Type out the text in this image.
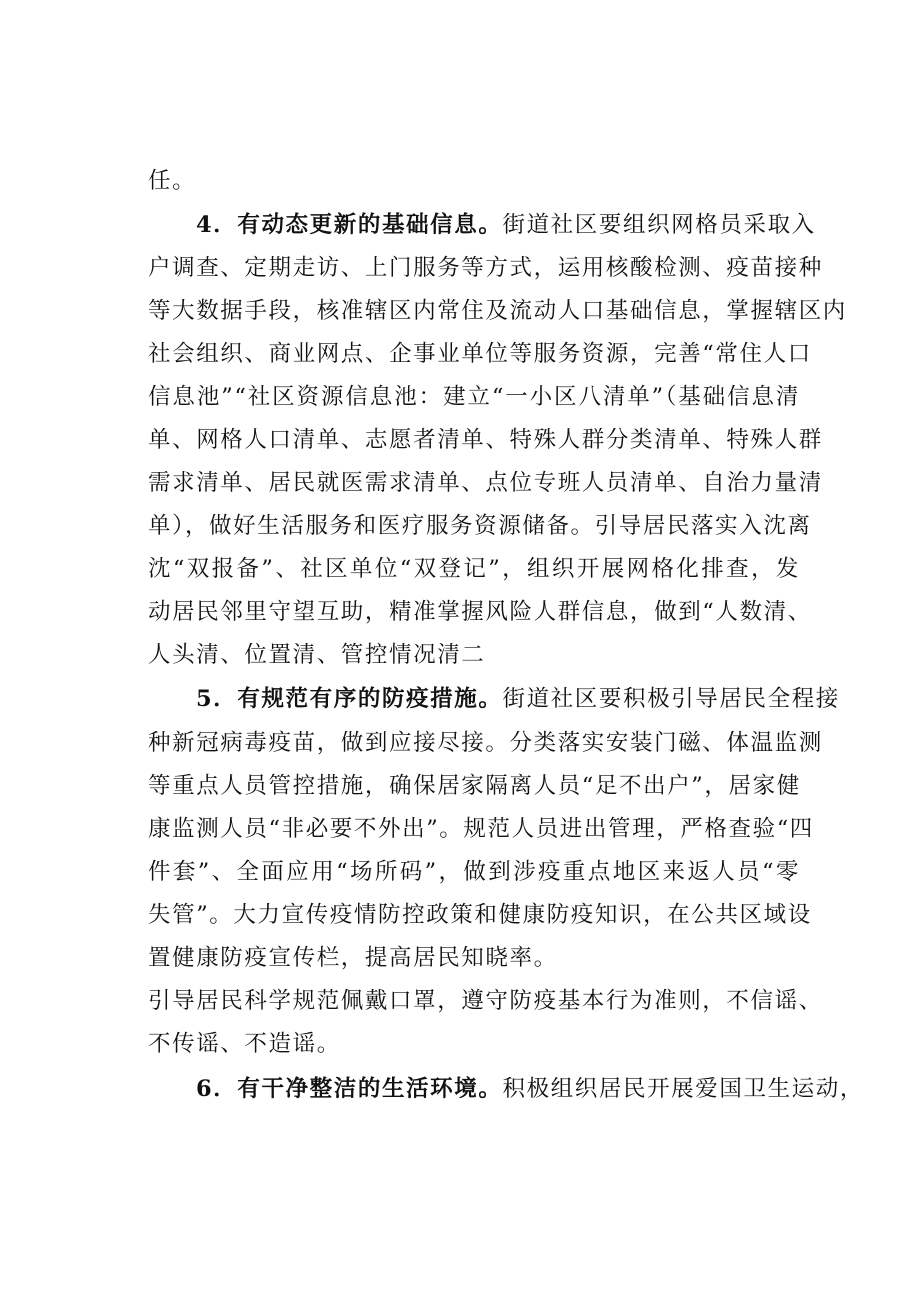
任。
4．有动态更新的基础信息。街道社区要组织网格员采取入
户调查、定期走访、上门服务等方式，运用核酸检测、疫苗接种
等大数据手段，核准辖区内常住及流动人口基础信息，掌握辖区内
社会组织、商业网点、企事业单位等服务资源，完善“常住人口
信息池”“社区资源信息池：建立“一小区八清单”（基础信息清
单、网格人口清单、志愿者清单、特殊人群分类清单、特殊人群
需求清单、居民就医需求清单、点位专班人员清单、自治力量清
单），做好生活服务和医疗服务资源储备。引导居民落实入沈离
沈“双报备”、社区单位“双登记”，组织开展网格化排查，发
动居民邻里守望互助，精准掌握风险人群信息，做到“人数清、
人头清、位置清、管控情况清二
5．有规范有序的防疫措施。街道社区要积极引导居民全程接
种新冠病毒疫苗，做到应接尽接。分类落实安装门磁、体温监测
等重点人员管控措施，确保居家隔离人员“足不出户”，居家健
康监测人员“非必要不外出”。规范人员进出管理，严格查验“四
件套”、全面应用“场所码”，做到涉疫重点地区来返人员“零
失管”。大力宣传疫情防控政策和健康防疫知识，在公共区域设
置健康防疫宣传栏，提高居民知晓率。
引导居民科学规范佩戴口罩，遵守防疫基本行为准则，不信谣、
不传谣、不造谣。
6．有干净整洁的生活环境。积极组织居民开展爱国卫生运动，
